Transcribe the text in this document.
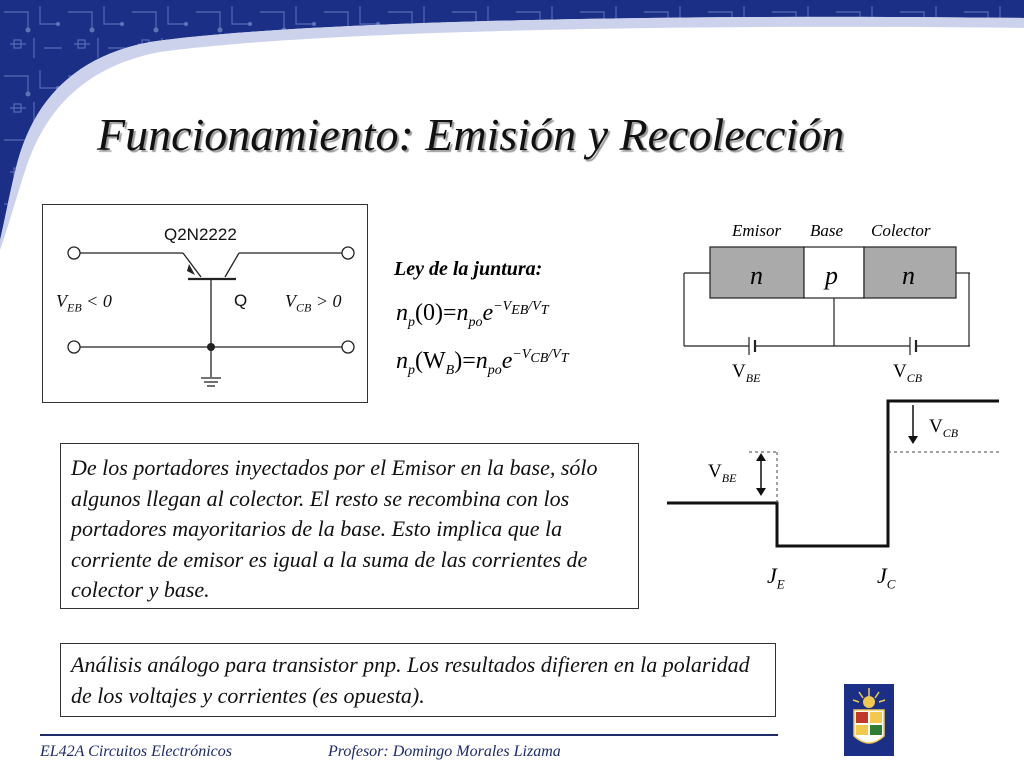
Funcionamiento: Emisión y Recolección
Q2N2222
Q
$V_{EB} < 0$	$V_{CB} > 0$
Ley de la juntura:
$n_p(0)=n_{po}e^{-V_{EB}/V_T}$
$n_p(W_B)=n_{po}e^{-V_{CB}/V_T}$
Emisor Base Colector
n p n
$V_{BE}$	$V_{CB}$
$V_{CB}$
$V_{BE}$
$J_E$	$J_C$
De los portadores inyectados por el Emisor en la base, sólo algunos llegan al colector. El resto se recombina con los portadores mayoritarios de la base. Esto implica que la corriente de emisor es igual a la suma de las corrientes de colector y base.
Análisis análogo para transistor pnp. Los resultados difieren en la polaridad de los voltajes y corrientes (es opuesta).
EL42A Circuitos Electrónicos	Profesor: Domingo Morales Lizama
